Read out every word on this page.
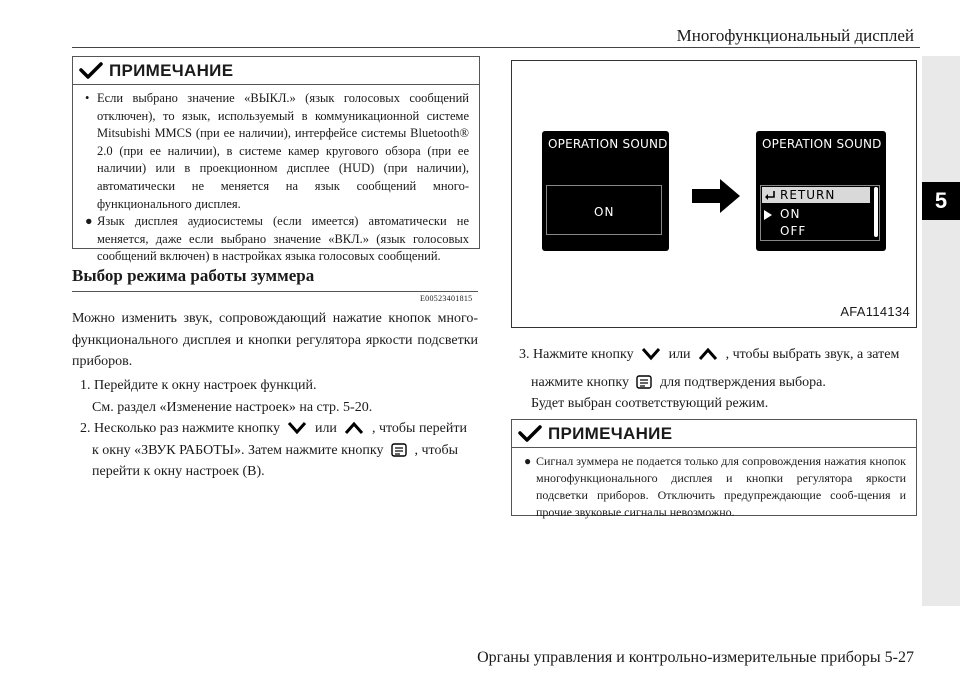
Многофункциональный дисплей
5
ПРИМЕЧАНИЕ
• Если выбрано значение «ВЫКЛ.» (язык голосовых сообщений отключен), то язык, используемый в коммуникационной системе Mitsubishi MMCS (при ее наличии), интерфейсе системы Bluetooth® 2.0 (при ее наличии), в системе камер кругового обзора (при ее наличии) или в проекционном дисплее (HUD) (при наличии), автоматически не меняется на язык сообщений много-функционального дисплея.
● Язык дисплея аудиосистемы (если имеется) автоматически не меняется, даже если выбрано значение «ВКЛ.» (язык голосовых сообщений включен) в настройках языка голосовых сообщений.
Выбор режима работы зуммера
E00523401815
Можно изменить звук, сопровождающий нажатие кнопок много-функционального дисплея и кнопки регулятора яркости подсветки приборов.
1. Перейдите к окну настроек функций.
См. раздел «Изменение настроек» на стр. 5-20.
2. Несколько раз нажмите кнопку	или	, чтобы перейти
к окну «ЗВУК РАБОТЫ». Затем нажмите кнопку , чтобы
перейти к окну настроек (B).
OPERATION SOUND
ON
OPERATION SOUND
RETURN
ON
OFF
AFA114134
3. Нажмите кнопку	или	, чтобы выбрать звук, а затем
нажмите кнопку для подтверждения выбора.
Будет выбран соответствующий режим.
ПРИМЕЧАНИЕ
● Сигнал зуммера не подается только для сопровождения нажатия кнопок многофункционального дисплея и кнопки регулятора яркости подсветки приборов. Отключить предупреждающие сооб-щения и прочие звуковые сигналы невозможно.
Органы управления и контрольно-измерительные приборы 5-27
